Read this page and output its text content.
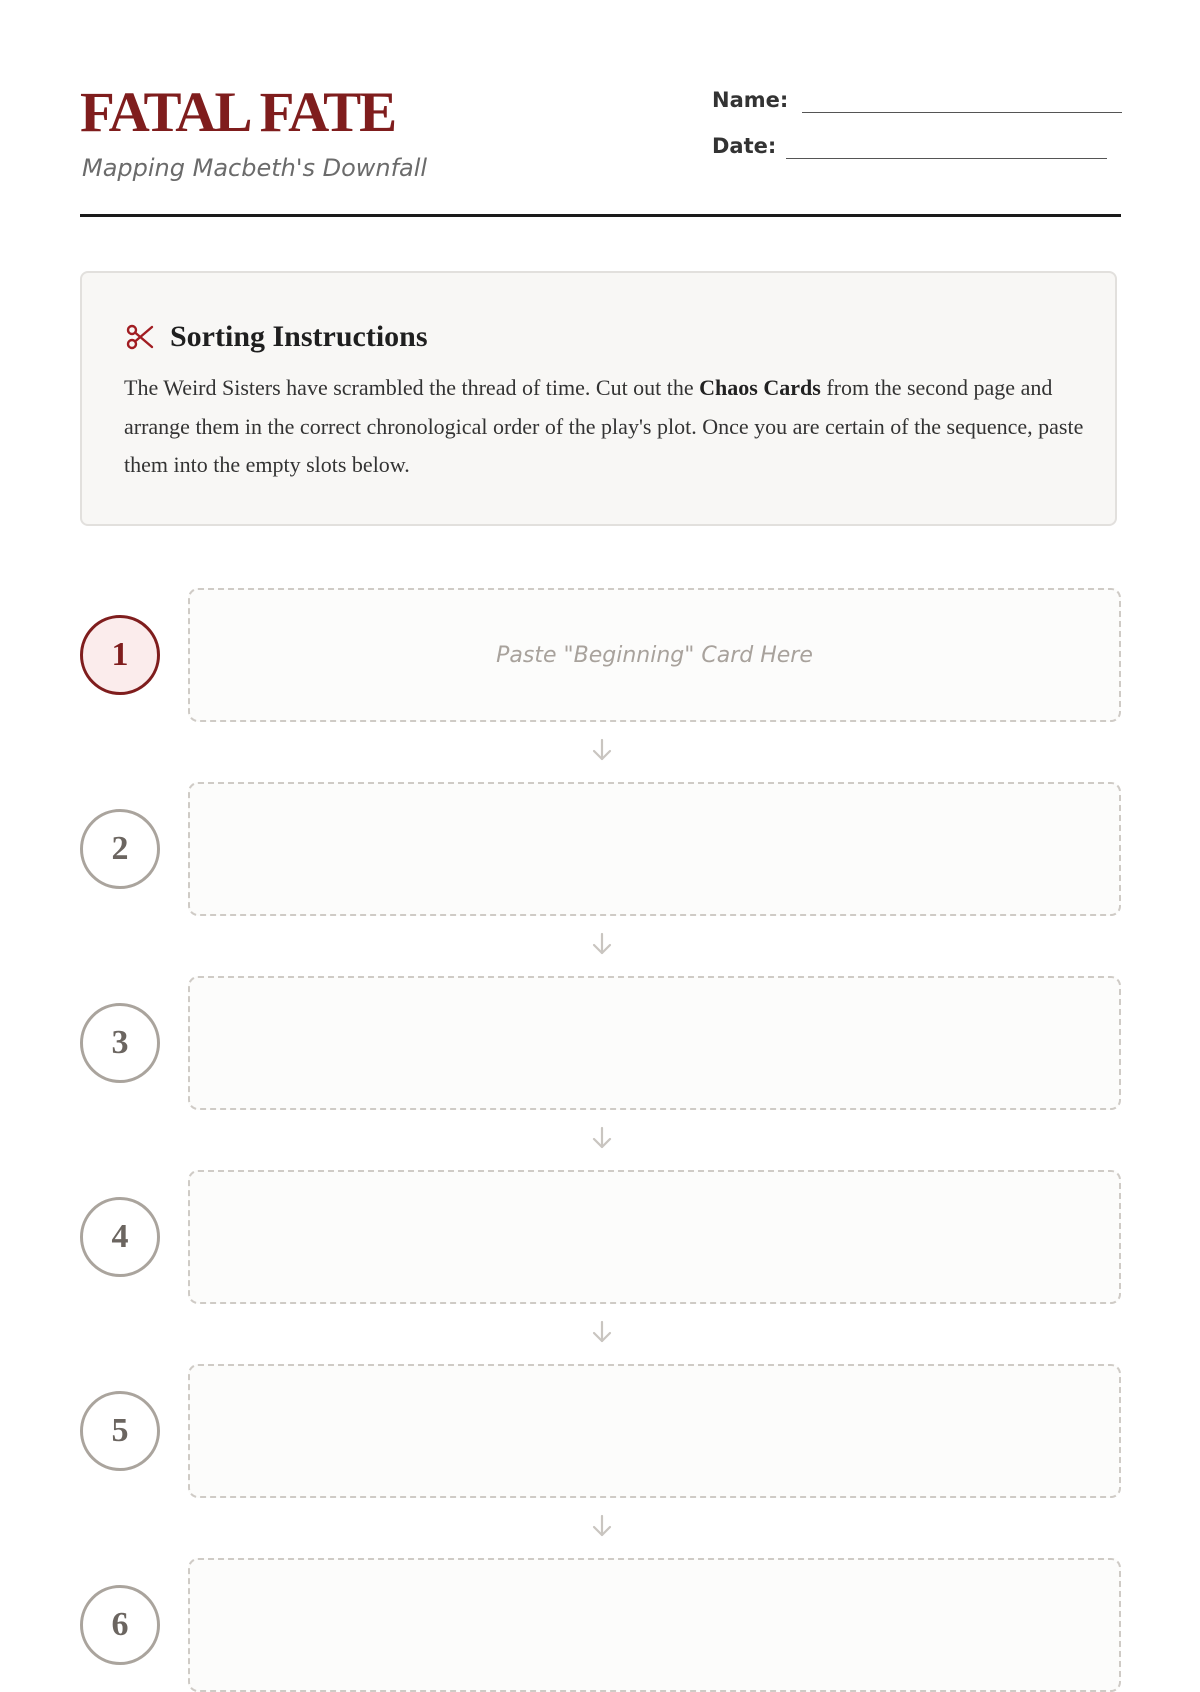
FATAL FATE
Mapping Macbeth's Downfall
Name:
Date:
Sorting Instructions

The Weird Sisters have scrambled the thread of time. Cut out the Chaos Cards from the second page and arrange them in the correct chronological order of the play's plot. Once you are certain of the sequence, paste them into the empty slots below.

1	Paste "Beginning" Card Here
2
3
4
5
6
